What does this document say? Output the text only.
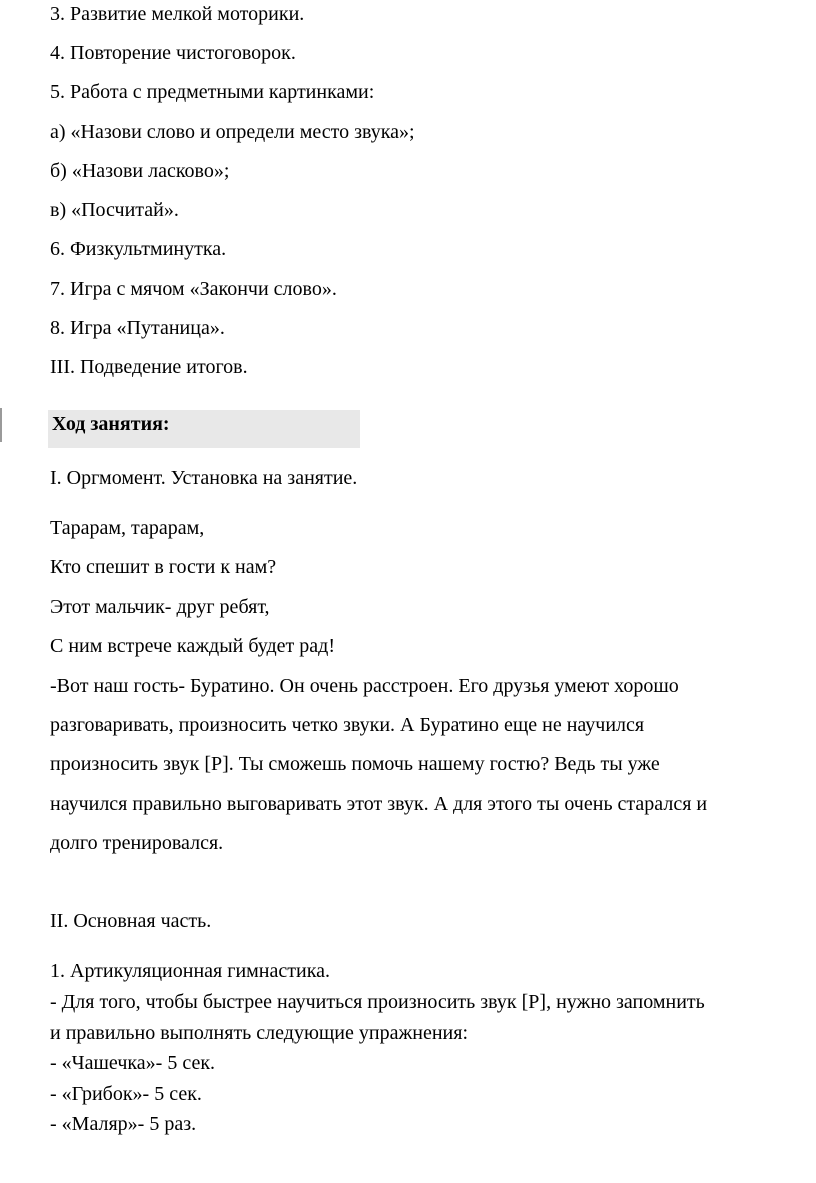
3. Развитие мелкой моторики.
4. Повторение чистоговорок.
5. Работа с предметными картинками:
а) «Назови слово и определи место звука»;
б) «Назови ласково»;
в) «Посчитай».
6. Физкультминутка.
7. Игра с мячом «Закончи слово».
8. Игра «Путаница».
III. Подведение итогов.
Ход занятия:
I. Оргмомент. Установка на занятие.
Тарарам, тарарам,
Кто спешит в гости к нам?
Этот мальчик- друг ребят,
С ним встрече каждый будет рад!
-Вот наш гость- Буратино. Он очень расстроен. Его друзья умеют хорошо
разговаривать, произносить четко звуки. А Буратино еще не научился
произносить звук [Р]. Ты сможешь помочь нашему гостю? Ведь ты уже
научился правильно выговаривать этот звук. А для этого ты очень старался и
долго тренировался.
II. Основная часть.
1. Артикуляционная гимнастика.
- Для того, чтобы быстрее научиться произносить звук [Р], нужно запомнить
и правильно выполнять следующие упражнения:
- «Чашечка»- 5 сек.
- «Грибок»- 5 сек.
- «Маляр»- 5 раз.
